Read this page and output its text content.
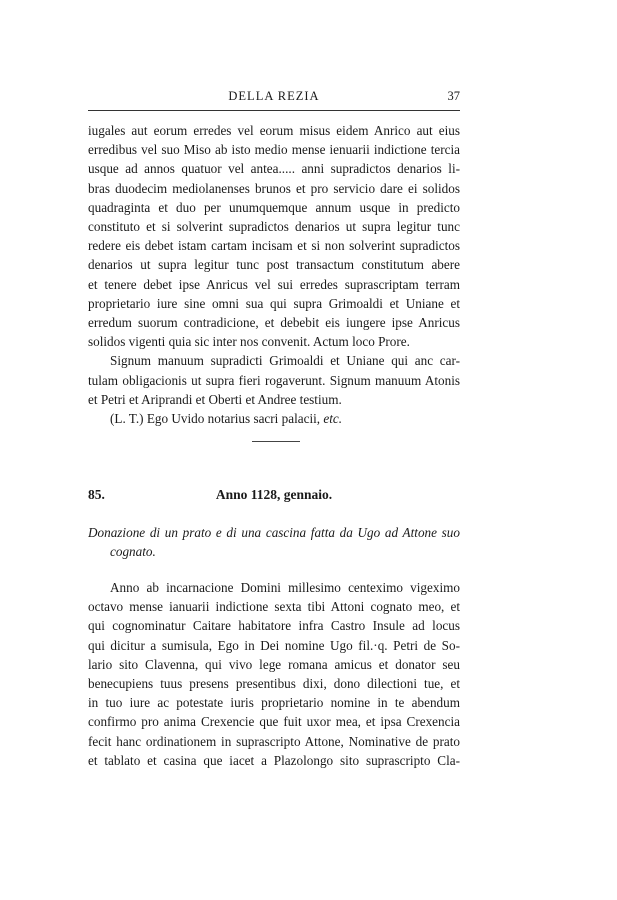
DELLA REZIA	37
iugales aut eorum erredes vel eorum misus eidem Anrico aut eius
erredibus vel suo Miso ab isto medio mense ienuarii indictione tercia
usque ad annos quatuor vel antea..... anni supradictos denarios li-
bras duodecim mediolanenses brunos et pro servicio dare ei solidos
quadraginta et duo per unumquemque annum usque in predicto
constituto et si solverint supradictos denarios ut supra legitur tunc
redere eis debet istam cartam incisam et si non solverint supradictos
denarios ut supra legitur tunc post transactum constitutum abere
et tenere debet ipse Anricus vel sui erredes suprascriptam terram
proprietario iure sine omni sua qui supra Grimoaldi et Uniane et
erredum suorum contradicione, et debebit eis iungere ipse Anricus
solidos vigenti quia sic inter nos convenit. Actum loco Prore.
Signum manuum supradicti Grimoaldi et Uniane qui anc car-
tulam obligacionis ut supra fieri rogaverunt. Signum manuum Atonis
et Petri et Ariprandi et Oberti et Andree testium.
(L. T.) Ego Uvido notarius sacri palacii, etc.
85.	Anno 1128, gennaio.
Donazione di un prato e di una cascina fatta da Ugo ad Attone suo
cognato.
Anno ab incarnacione Domini millesimo centeximo vigeximo
octavo mense ianuarii indictione sexta tibi Attoni cognato meo, et
qui cognominatur Caitare habitatore infra Castro Insule ad locus
qui dicitur a sumisula, Ego in Dei nomine Ugo fil.·q. Petri de So-
lario sito Clavenna, qui vivo lege romana amicus et donator seu
benecupiens tuus presens presentibus dixi, dono dilectioni tue, et
in tuo iure ac potestate iuris proprietario nomine in te abendum
confirmo pro anima Crexencie que fuit uxor mea, et ipsa Crexencia
fecit hanc ordinationem in suprascripto Attone, Nominative de prato
et tablato et casina que iacet a Plazolongo sito suprascripto Cla-
